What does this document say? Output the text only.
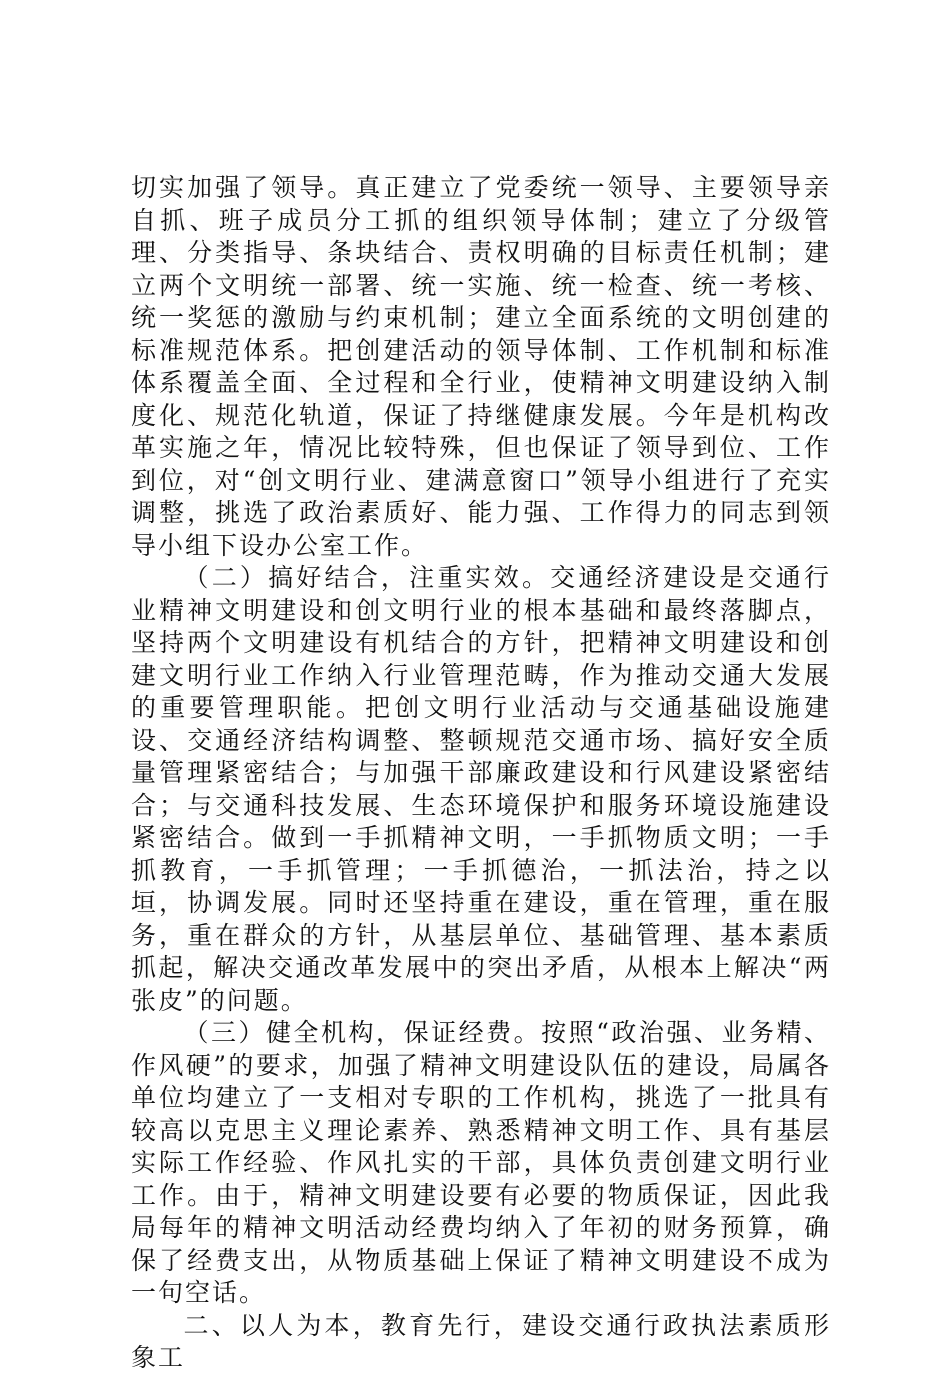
切实加强了领导。真正建立了党委统一领导、主要领导亲自抓、班子成员分工抓的组织领导体制；建立了分级管理、分类指导、条块结合、责权明确的目标责任机制；建立两个文明统一部署、统一实施、统一检查、统一考核、统一奖惩的激励与约束机制；建立全面系统的文明创建的标准规范体系。把创建活动的领导体制、工作机制和标准体系覆盖全面、全过程和全行业，使精神文明建设纳入制度化、规范化轨道，保证了持继健康发展。今年是机构改革实施之年，情况比较特殊，但也保证了领导到位、工作到位，对“创文明行业、建满意窗口”领导小组进行了充实调整，挑选了政治素质好、能力强、工作得力的同志到领导小组下设办公室工作。

（二）搞好结合，注重实效。交通经济建设是交通行业精神文明建设和创文明行业的根本基础和最终落脚点，坚持两个文明建设有机结合的方针，把精神文明建设和创建文明行业工作纳入行业管理范畴，作为推动交通大发展的重要管理职能。把创文明行业活动与交通基础设施建设、交通经济结构调整、整顿规范交通市场、搞好安全质量管理紧密结合；与加强干部廉政建设和行风建设紧密结合；与交通科技发展、生态环境保护和服务环境设施建设紧密结合。做到一手抓精神文明，一手抓物质文明；一手抓教育，一手抓管理；一手抓德治，一抓法治，持之以垣，协调发展。同时还坚持重在建设，重在管理，重在服务，重在群众的方针，从基层单位、基础管理、基本素质抓起，解决交通改革发展中的突出矛盾，从根本上解决“两张皮”的问题。

（三）健全机构，保证经费。按照“政治强、业务精、作风硬”的要求，加强了精神文明建设队伍的建设，局属各单位均建立了一支相对专职的工作机构，挑选了一批具有较高以克思主义理论素养、熟悉精神文明工作、具有基层实际工作经验、作风扎实的干部，具体负责创建文明行业工作。由于，精神文明建设要有必要的物质保证，因此我局每年的精神文明活动经费均纳入了年初的财务预算，确保了经费支出，从物质基础上保证了精神文明建设不成为一句空话。

二、以人为本，教育先行，建设交通行政执法素质形象工
